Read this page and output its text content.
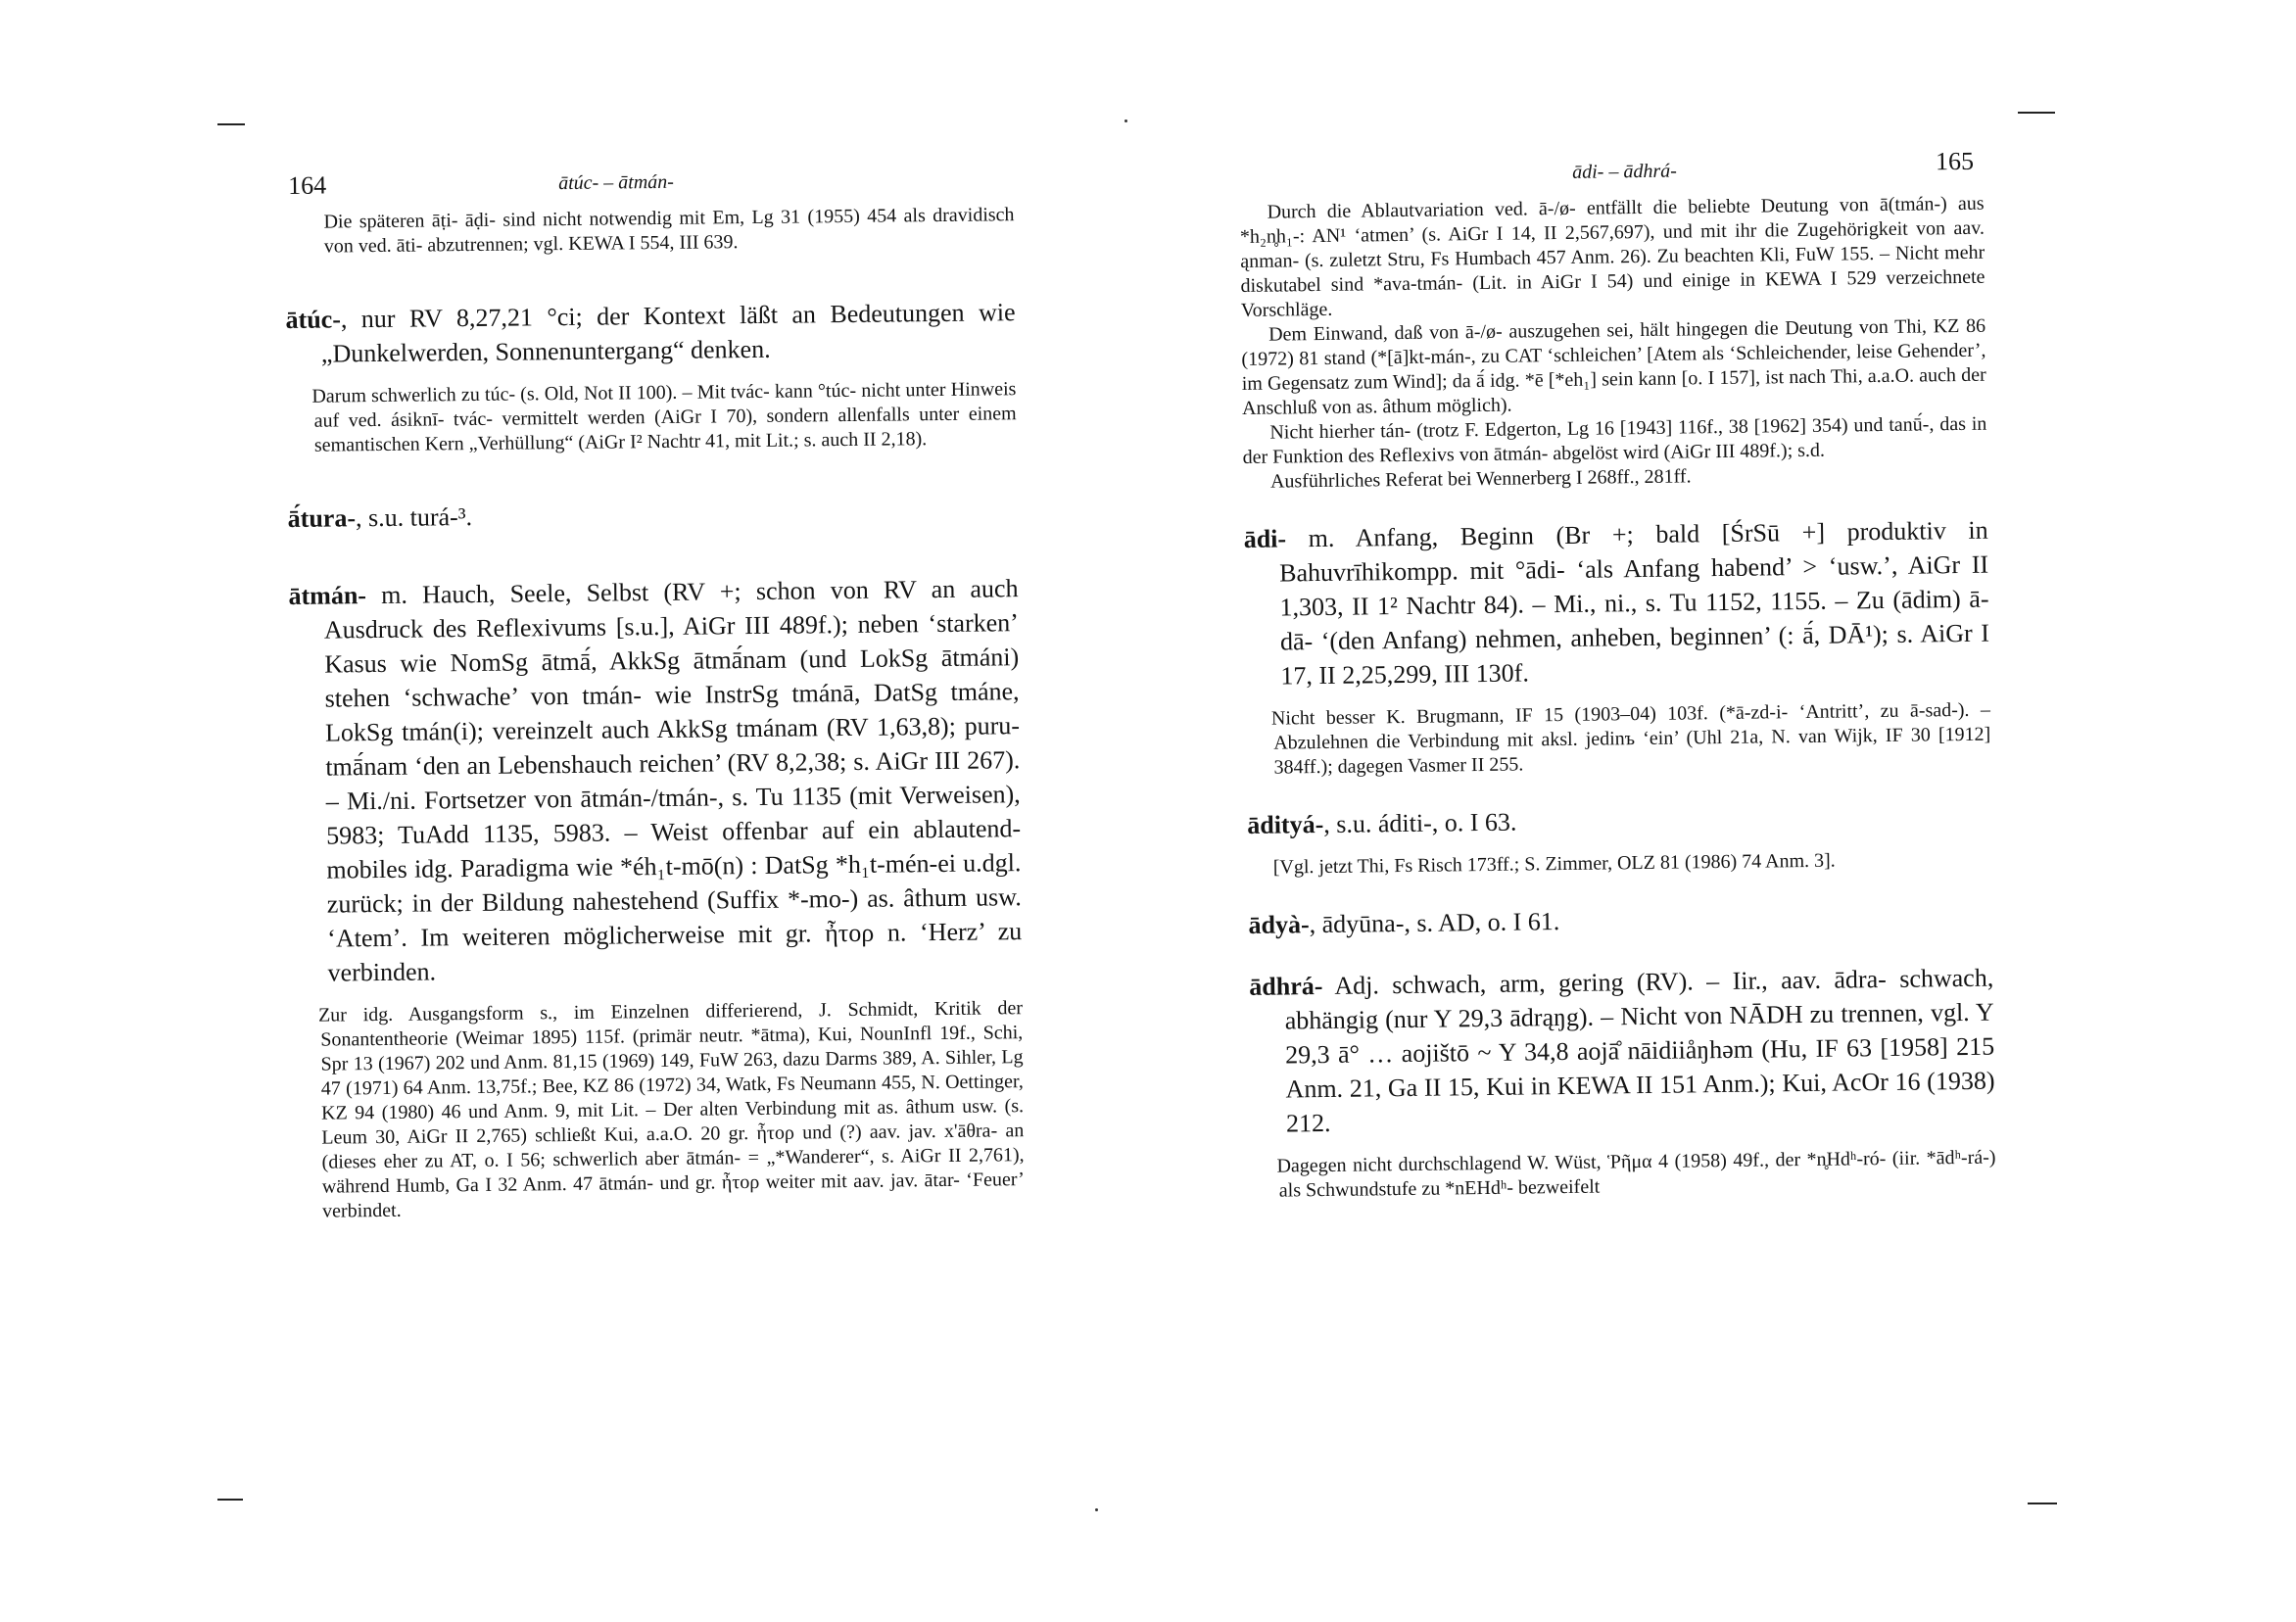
164	ātúc- – ātmán-

Die späteren āṭi- āḍi- sind nicht notwendig mit Em, Lg 31 (1955) 454 als dravidisch von ved. āti- abzutrennen; vgl. KEWA I 554, III 639.

ātúc-, nur RV 8,27,21 °ci; der Kontext läßt an Bedeutungen wie „Dunkelwerden, Sonnenuntergang“ denken.

Darum schwerlich zu túc- (s. Old, Not II 100). – Mit tvác- kann °túc- nicht unter Hinweis auf ved. ásiknī- tvác- vermittelt werden (AiGr I 70), sondern allenfalls unter einem semantischen Kern „Verhüllung“ (AiGr I² Nachtr 41, mit Lit.; s. auch II 2,18).

ā́tura-, s.u. turá-³.

ātmán- m. Hauch, Seele, Selbst (RV +; schon von RV an auch Ausdruck des Reflexivums [s.u.], AiGr III 489f.); neben ‘starken’ Kasus wie NomSg ātmā́, AkkSg ātmā́nam (und LokSg ātmáni) stehen ‘schwache’ von tmán- wie InstrSg tmánā, DatSg tmáne, LokSg tmán(i); vereinzelt auch AkkSg tmánam (RV 1,63,8); puru-tmā́nam ‘den an Lebenshauch reichen’ (RV 8,2,38; s. AiGr III 267). – Mi./ni. Fortsetzer von ātmán-/tmán-, s. Tu 1135 (mit Verweisen), 5983; TuAdd 1135, 5983. – Weist offenbar auf ein ablautend-mobiles idg. Paradigma wie *éh₁t-mō(n) : DatSg *h₁t-mén-ei u.dgl. zurück; in der Bildung nahestehend (Suffix *-mo-) as. âthum usw. ‘Atem’. Im weiteren möglicherweise mit gr. ἦτορ n. ‘Herz’ zu verbinden.

Zur idg. Ausgangsform s., im Einzelnen differierend, J. Schmidt, Kritik der Sonantentheorie (Weimar 1895) 115f. (primär neutr. *ātma), Kui, NounInfl 19f., Schi, Spr 13 (1967) 202 und Anm. 81,15 (1969) 149, FuW 263, dazu Darms 389, A. Sihler, Lg 47 (1971) 64 Anm. 13,75f.; Bee, KZ 86 (1972) 34, Watk, Fs Neumann 455, N. Oettinger, KZ 94 (1980) 46 und Anm. 9, mit Lit. – Der alten Verbindung mit as. âthum usw. (s. Leum 30, AiGr II 2,765) schließt Kui, a.a.O. 20 gr. ἦτορ und (?) aav. jav. x'āθra- an (dieses eher zu AT, o. I 56; schwerlich aber ātmán- = „*Wanderer“, s. AiGr II 2,761), während Humb, Ga I 32 Anm. 47 ātmán- und gr. ἦτορ weiter mit aav. jav. ātar- ‘Feuer’ verbindet.

ādi- – ādhrá-	165

Durch die Ablautvariation ved. ā-/ø- entfällt die beliebte Deutung von ā(tmán-) aus *h₂n̥h₁-: AN¹ ‘atmen’ (s. AiGr I 14, II 2,567,697), und mit ihr die Zugehörigkeit von aav. ąnman- (s. zuletzt Stru, Fs Humbach 457 Anm. 26). Zu beachten Kli, FuW 155. – Nicht mehr diskutabel sind *ava-tmán- (Lit. in AiGr I 54) und einige in KEWA I 529 verzeichnete Vorschläge.

Dem Einwand, daß von ā-/ø- auszugehen sei, hält hingegen die Deutung von Thi, KZ 86 (1972) 81 stand (*[ā]kt-mán-, zu CAT ‘schleichen’ [Atem als ‘Schleichender, leise Gehender’, im Gegensatz zum Wind]; da ā́ idg. *ē [*eh₁] sein kann [o. I 157], ist nach Thi, a.a.O. auch der Anschluß von as. âthum möglich).

Nicht hierher tán- (trotz F. Edgerton, Lg 16 [1943] 116f., 38 [1962] 354) und tanū́-, das in der Funktion des Reflexivs von ātmán- abgelöst wird (AiGr III 489f.); s.d.

Ausführliches Referat bei Wennerberg I 268ff., 281ff.

ādi- m. Anfang, Beginn (Br +; bald [ŚrSū +] produktiv in Bahuvrīhikompp. mit °ādi- ‘als Anfang habend’ > ‘usw.’, AiGr II 1,303, II 1² Nachtr 84). – Mi., ni., s. Tu 1152, 1155. – Zu (ādim) ā-dā- ‘(den Anfang) nehmen, anheben, beginnen’ (: ā́, DĀ¹); s. AiGr I 17, II 2,25,299, III 130f.

Nicht besser K. Brugmann, IF 15 (1903–04) 103f. (*ā-zd-i- ‘Antritt’, zu ā-sad-). – Abzulehnen die Verbindung mit aksl. jedinъ ‘ein’ (Uhl 21a, N. van Wijk, IF 30 [1912] 384ff.); dagegen Vasmer II 255.

ādityá-, s.u. áditi-, o. I 63.

[Vgl. jetzt Thi, Fs Risch 173ff.; S. Zimmer, OLZ 81 (1986) 74 Anm. 3].

ādyà-, ādyūna-, s. AD, o. I 61.

ādhrá- Adj. schwach, arm, gering (RV). – Iir., aav. ādra- schwach, abhängig (nur Y 29,3 ādrąŋg). – Nicht von NĀDH zu trennen, vgl. Y 29,3 ā° … aojištō ~ Y 34,8 aojā̊ nāidiiåŋhəm (Hu, IF 63 [1958] 215 Anm. 21, Ga II 15, Kui in KEWA II 151 Anm.); Kui, AcOr 16 (1938) 212.

Dagegen nicht durchschlagend W. Wüst, Ῥῆμα 4 (1958) 49f., der *n̥Hdʰ-ró- (iir. *ādʰ-rá-) als Schwundstufe zu *nEHdʰ- bezweifelt
